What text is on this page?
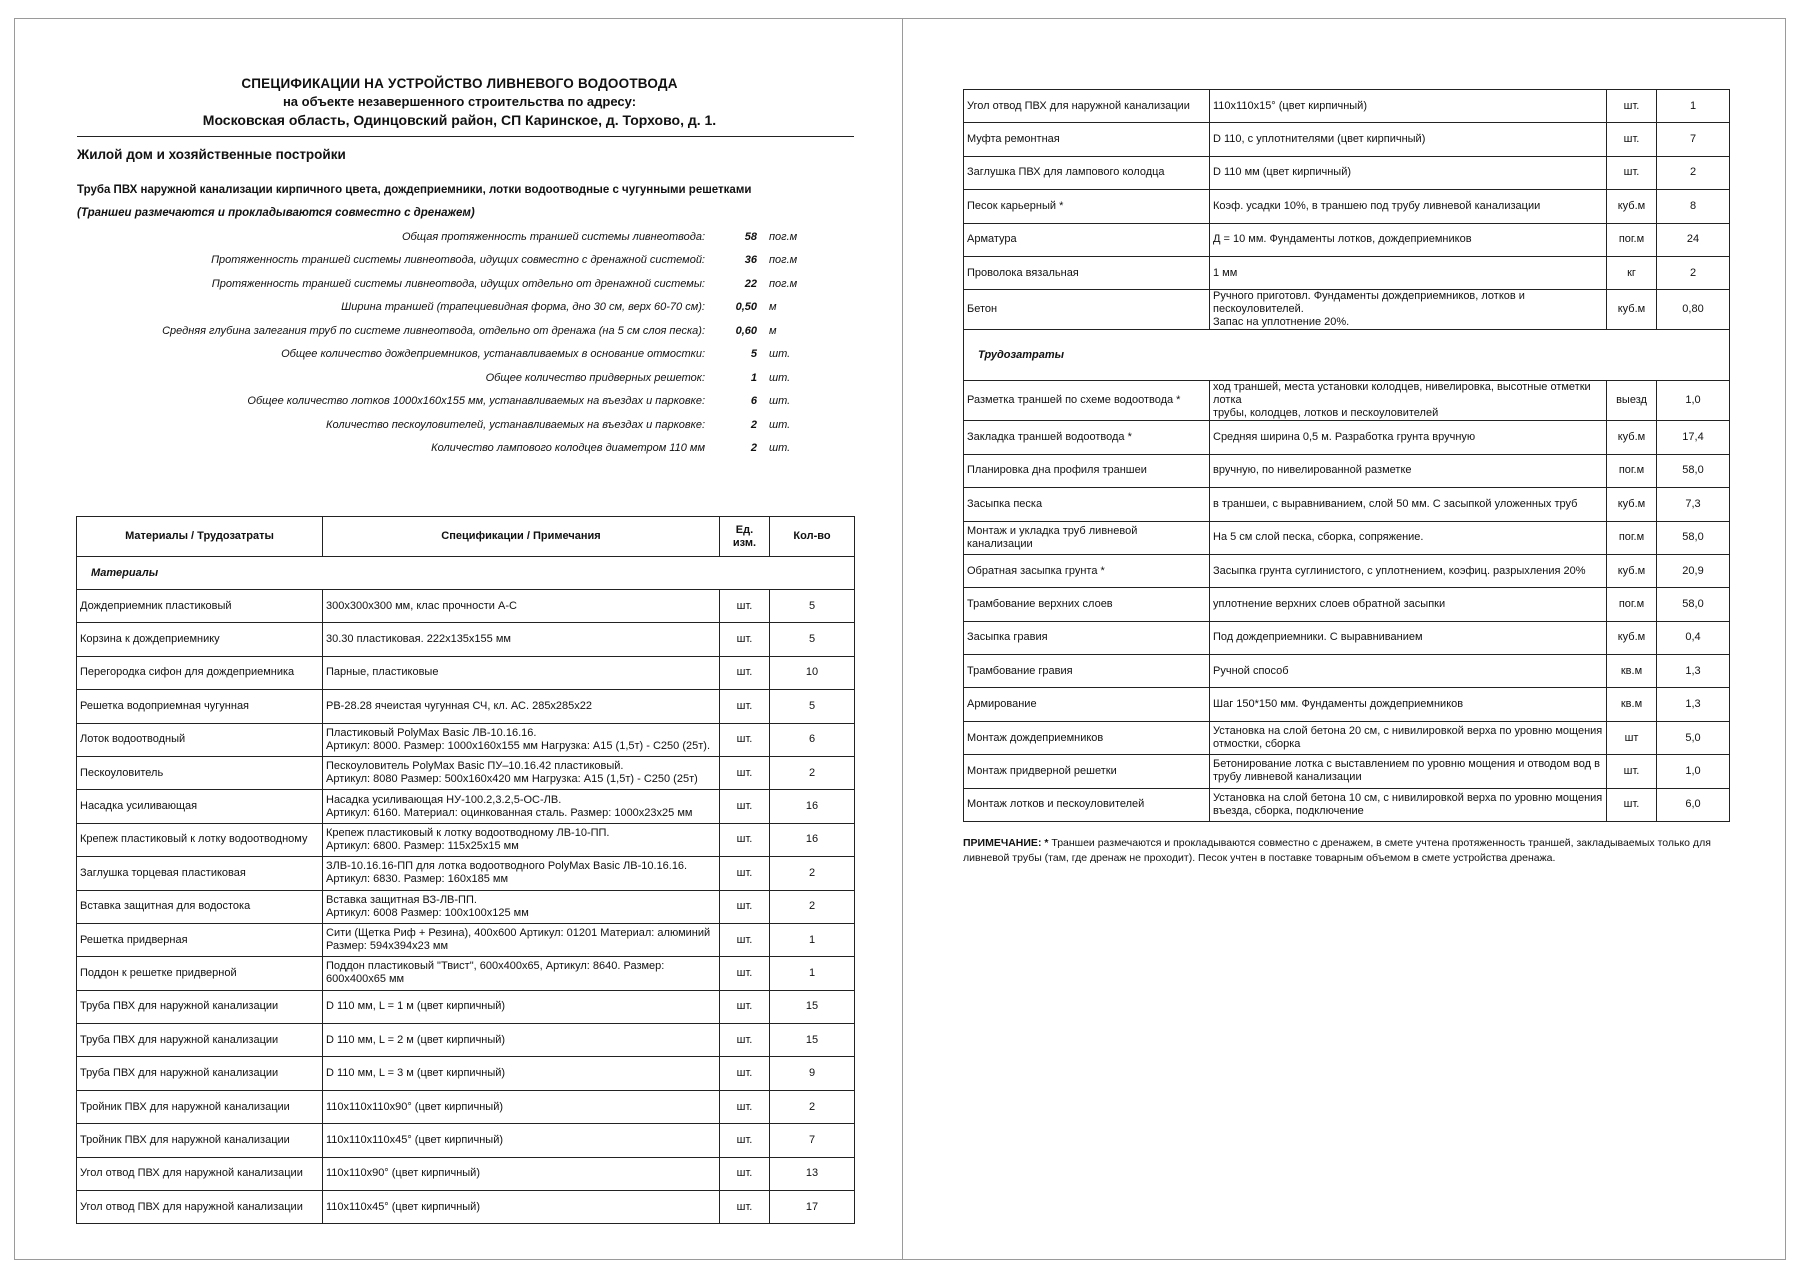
СПЕЦИФИКАЦИИ НА УСТРОЙСТВО ЛИВНЕВОГО ВОДООТВОДА
на объекте незавершенного строительства по адресу:
Московская область, Одинцовский район, СП Каринское, д. Торхово, д. 1.
Жилой дом и хозяйственные постройки
Труба ПВХ наружной канализации кирпичного цвета, дождеприемники, лотки водоотводные с чугунными решетками
(Траншеи размечаются и прокладываются совместно с дренажем)
Общая протяженность траншей системы ливнеотвода:	58	пог.м
Протяженность траншей системы ливнеотвода, идущих совместно с дренажной системой:	36	пог.м
Протяженность траншей системы ливнеотвода, идущих отдельно от дренажной системы:	22	пог.м
Ширина траншей (трапециевидная форма, дно 30 см, верх 60-70 см):	0,50	м
Средняя глубина залегания труб по системе ливнеотвода, отдельно от дренажа (на 5 см слоя песка):	0,60	м
Общее количество дождеприемников, устанавливаемых в основание отмостки:	5	шт.
Общее количество придверных решеток:	1	шт.
Общее количество лотков 1000х160х155 мм, устанавливаемых на въездах и парковке:	6	шт.
Количество пескоуловителей, устанавливаемых на въездах и парковке:	2	шт.
Количество лампового колодцев диаметром 110 мм	2	шт.
Материалы / Трудозатраты	Спецификации / Примечания	Ед. изм.	Кол-во
Материалы			
Дождеприемник пластиковый	300х300х300 мм, клас прочности А-С	шт.	5
Корзина к дождеприемнику	30.30 пластиковая. 222х135х155 мм	шт.	5
Перегородка сифон для дождеприемника	Парные, пластиковые	шт.	10
Решетка водоприемная чугунная	РВ-28.28 ячеистая чугунная СЧ, кл. АС. 285х285х22	шт.	5
Лоток водоотводный	Пластиковый PolyMax Basic ЛВ-10.16.16.
Артикул: 8000. Размер: 1000х160х155 мм Нагрузка: А15 (1,5т) - С250 (25т).	шт.	6
Пескоуловитель	Пескоуловитель PolyMax Basic ПУ–10.16.42 пластиковый.
Артикул: 8080 Размер: 500х160х420 мм Нагрузка: А15 (1,5т) - С250 (25т)	шт.	2
Насадка усиливающая	Насадка усиливающая НУ-100.2,3.2,5-ОС-ЛВ.
Артикул: 6160. Материал: оцинкованная сталь. Размер: 1000х23х25 мм	шт.	16
Крепеж пластиковый к лотку водоотводному	Крепеж пластиковый к лотку водоотводному ЛВ-10-ПП.
Артикул: 6800. Размер: 115х25х15 мм	шт.	16
Заглушка торцевая пластиковая	ЗЛВ-10.16.16-ПП для лотка водоотводного PolyMax Basic ЛВ-10.16.16.
Артикул: 6830. Размер: 160х185 мм	шт.	2
Вставка защитная для водостока	Вставка защитная ВЗ-ЛВ-ПП.
Артикул: 6008 Размер: 100х100х125 мм	шт.	2
Решетка придверная	Сити (Щетка Риф + Резина), 400х600 Артикул: 01201 Материал: алюминий
Размер: 594х394х23 мм	шт.	1
Поддон к решетке придверной	Поддон пластиковый "Твист", 600х400х65, Артикул: 8640. Размер: 600х400х65 мм	шт.	1
Труба ПВХ для наружной канализации	D 110 мм, L = 1 м (цвет кирпичный)	шт.	15
Труба ПВХ для наружной канализации	D 110 мм, L = 2 м (цвет кирпичный)	шт.	15
Труба ПВХ для наружной канализации	D 110 мм, L = 3 м (цвет кирпичный)	шт.	9
Тройник ПВХ для наружной канализации	110х110х110х90° (цвет кирпичный)	шт.	2
Тройник ПВХ для наружной канализации	110х110х110х45° (цвет кирпичный)	шт.	7
Угол отвод ПВХ для наружной канализации	110х110х90° (цвет кирпичный)	шт.	13
Угол отвод ПВХ для наружной канализации	110х110х45° (цвет кирпичный)	шт.	17
Угол отвод ПВХ для наружной канализации	110х110х15° (цвет кирпичный)	шт.	1
Муфта ремонтная	D 110, с уплотнителями (цвет кирпичный)	шт.	7
Заглушка ПВХ для лампового колодца	D 110 мм (цвет кирпичный)	шт.	2
Песок карьерный *	Коэф. усадки 10%, в траншею под трубу ливневой канализации	куб.м	8
Арматура	Д = 10 мм. Фундаменты лотков, дождеприемников	пог.м	24
Проволока вязальная	1 мм	кг	2
Бетон	Ручного приготовл. Фундаменты дождеприемников, лотков и пескоуловителей.
Запас на уплотнение 20%.	куб.м	0,80
Трудозатраты			
Разметка траншей по схеме водоотвода *	ход траншей, места установки колодцев, нивелировка, высотные отметки лотка
трубы, колодцев, лотков и пескоуловителей	выезд	1,0
Закладка траншей водоотвода *	Средняя ширина 0,5 м. Разработка грунта вручную	куб.м	17,4
Планировка дна профиля траншеи	вручную, по нивелированной разметке	пог.м	58,0
Засыпка песка	в траншеи, с выравниванием, слой 50 мм. С засыпкой уложенных труб	куб.м	7,3
Монтаж и укладка труб ливневой канализации	На 5 см слой песка, сборка, сопряжение.	пог.м	58,0
Обратная засыпка грунта *	Засыпка грунта суглинистого, с уплотнением, коэфиц. разрыхления 20%	куб.м	20,9
Трамбование верхних слоев	уплотнение верхних слоев обратной засыпки	пог.м	58,0
Засыпка гравия	Под дождеприемники. С выравниванием	куб.м	0,4
Трамбование гравия	Ручной способ	кв.м	1,3
Армирование	Шаг 150*150 мм. Фундаменты дождеприемников	кв.м	1,3
Монтаж дождеприемников	Установка на слой бетона 20 см, с нивилировкой верха по уровню мощения
отмостки, сборка	шт	5,0
Монтаж придверной решетки	Бетонирование лотка с выставлением по уровню мощения и отводом вод в
трубу ливневой канализации	шт.	1,0
Монтаж лотков и пескоуловителей	Установка на слой бетона 10 см, с нивилировкой верха по уровню мощения
въезда, сборка, подключение	шт.	6,0
ПРИМЕЧАНИЕ: * Траншеи размечаются и прокладываются совместно с дренажем, в смете учтена протяженность траншей, закладываемых только для ливневой трубы (там, где дренаж не проходит). Песок учтен в поставке товарным объемом в смете устройства дренажа.
